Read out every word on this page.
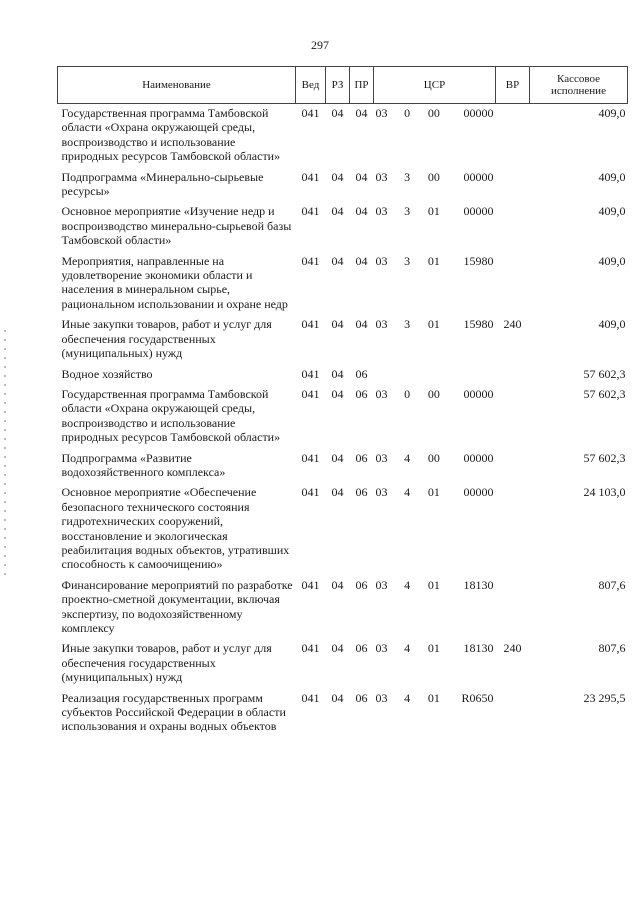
297
Наименование	Вед	РЗ	ПР	ЦСР	ВР	Кассовое исполнение
Государственная программа Тамбовской области «Охрана окружающей среды, воспроизводство и использование природных ресурсов Тамбовской области»	041	04	04	03 0 00 00000		409,0
Подпрограмма «Минерально-сырьевые ресурсы»	041	04	04	03 3 00 00000		409,0
Основное мероприятие «Изучение недр и воспроизводство минерально-сырьевой базы Тамбовской области»	041	04	04	03 3 01 00000		409,0
Мероприятия, направленные на удовлетворение экономики области и населения в минеральном сырье, рациональном использовании и охране недр	041	04	04	03 3 01 15980		409,0
Иные закупки товаров, работ и услуг для обеспечения государственных (муниципальных) нужд	041	04	04	03 3 01 15980	240	409,0
Водное хозяйство	041	04	06			57 602,3
Государственная программа Тамбовской области «Охрана окружающей среды, воспроизводство и использование природных ресурсов Тамбовской области»	041	04	06	03 0 00 00000		57 602,3
Подпрограмма «Развитие водохозяйственного комплекса»	041	04	06	03 4 00 00000		57 602,3
Основное мероприятие «Обеспечение безопасного технического состояния гидротехнических сооружений, восстановление и экологическая реабилитация водных объектов, утративших способность к самоочищению»	041	04	06	03 4 01 00000		24 103,0
Финансирование мероприятий по разработке проектно-сметной документации, включая экспертизу, по водохозяйственному комплексу	041	04	06	03 4 01 18130		807,6
Иные закупки товаров, работ и услуг для обеспечения государственных (муниципальных) нужд	041	04	06	03 4 01 18130	240	807,6
Реализация государственных программ субъектов Российской Федерации в области использования и охраны водных объектов	041	04	06	03 4 01 R0650		23 295,5
